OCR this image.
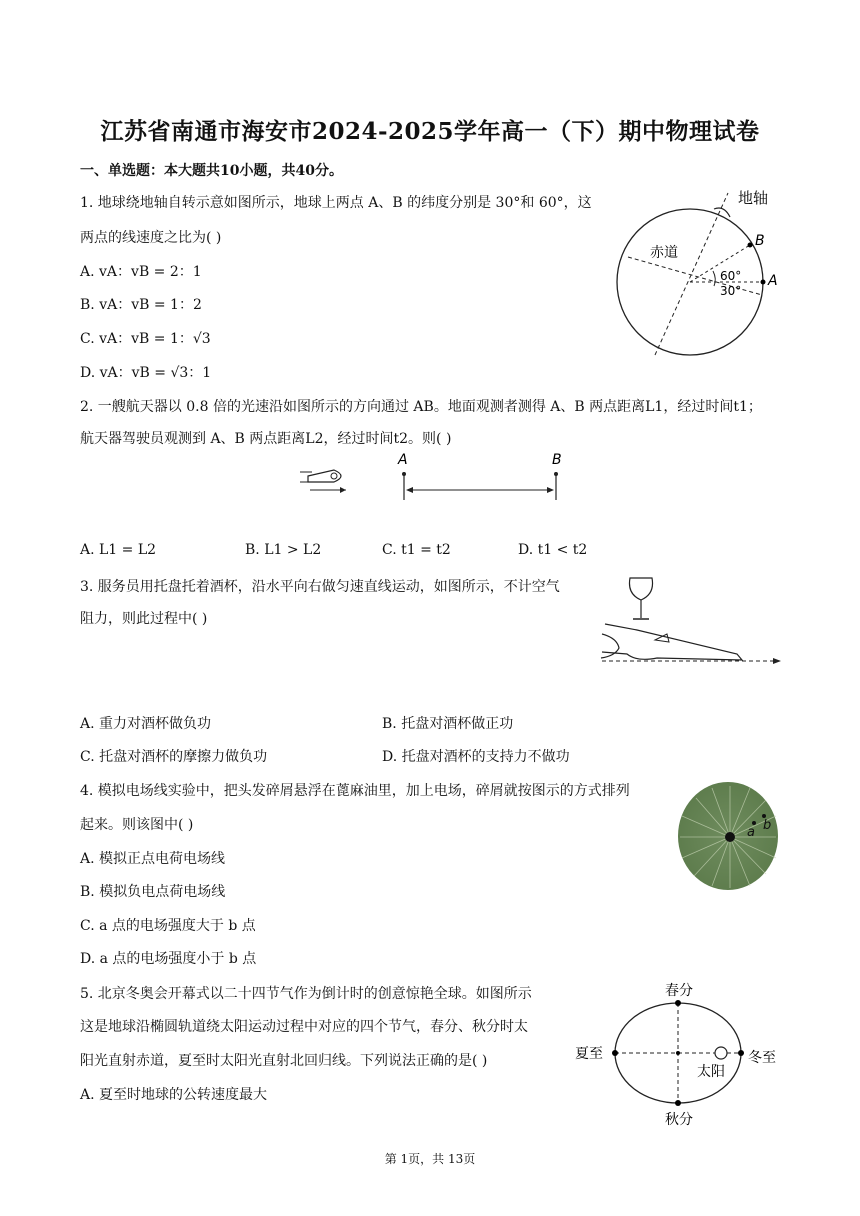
江苏省南通市海安市2024-2025学年高一（下）期中物理试卷
一、单选题：本大题共10小题，共40分。
1. 地球绕地轴自转示意如图所示，地球上两点 A、B 的纬度分别是 30°和 60°，这
两点的线速度之比为( )
A. vA：vB = 2：1
B. vA：vB = 1：2
C. vA：vB = 1：√3
D. vA：vB = √3：1
地轴
赤道
A
B
60°
30°
2. 一艘航天器以 0.8 倍的光速沿如图所示的方向通过 AB。地面观测者测得 A、B 两点距离L1，经过时间t1；
航天器驾驶员观测到 A、B 两点距离L2，经过时间t2。则( )
A	B
A. L1 = L2	B. L1 > L2	C. t1 = t2	D. t1 < t2
3. 服务员用托盘托着酒杯，沿水平向右做匀速直线运动，如图所示，不计空气
阻力，则此过程中( )
A. 重力对酒杯做负功	B. 托盘对酒杯做正功
C. 托盘对酒杯的摩擦力做负功	D. 托盘对酒杯的支持力不做功
4. 模拟电场线实验中，把头发碎屑悬浮在蓖麻油里，加上电场，碎屑就按图示的方式排列
起来。则该图中( )
A. 模拟正点电荷电场线
B. 模拟负电点荷电场线
C. a 点的电场强度大于 b 点
D. a 点的电场强度小于 b 点
a b
5. 北京冬奥会开幕式以二十四节气作为倒计时的创意惊艳全球。如图所示
这是地球沿椭圆轨道绕太阳运动过程中对应的四个节气，春分、秋分时太
阳光直射赤道，夏至时太阳光直射北回归线。下列说法正确的是( )
A. 夏至时地球的公转速度最大
春分
夏至	冬至
太阳
秋分
第 1页，共 13页
